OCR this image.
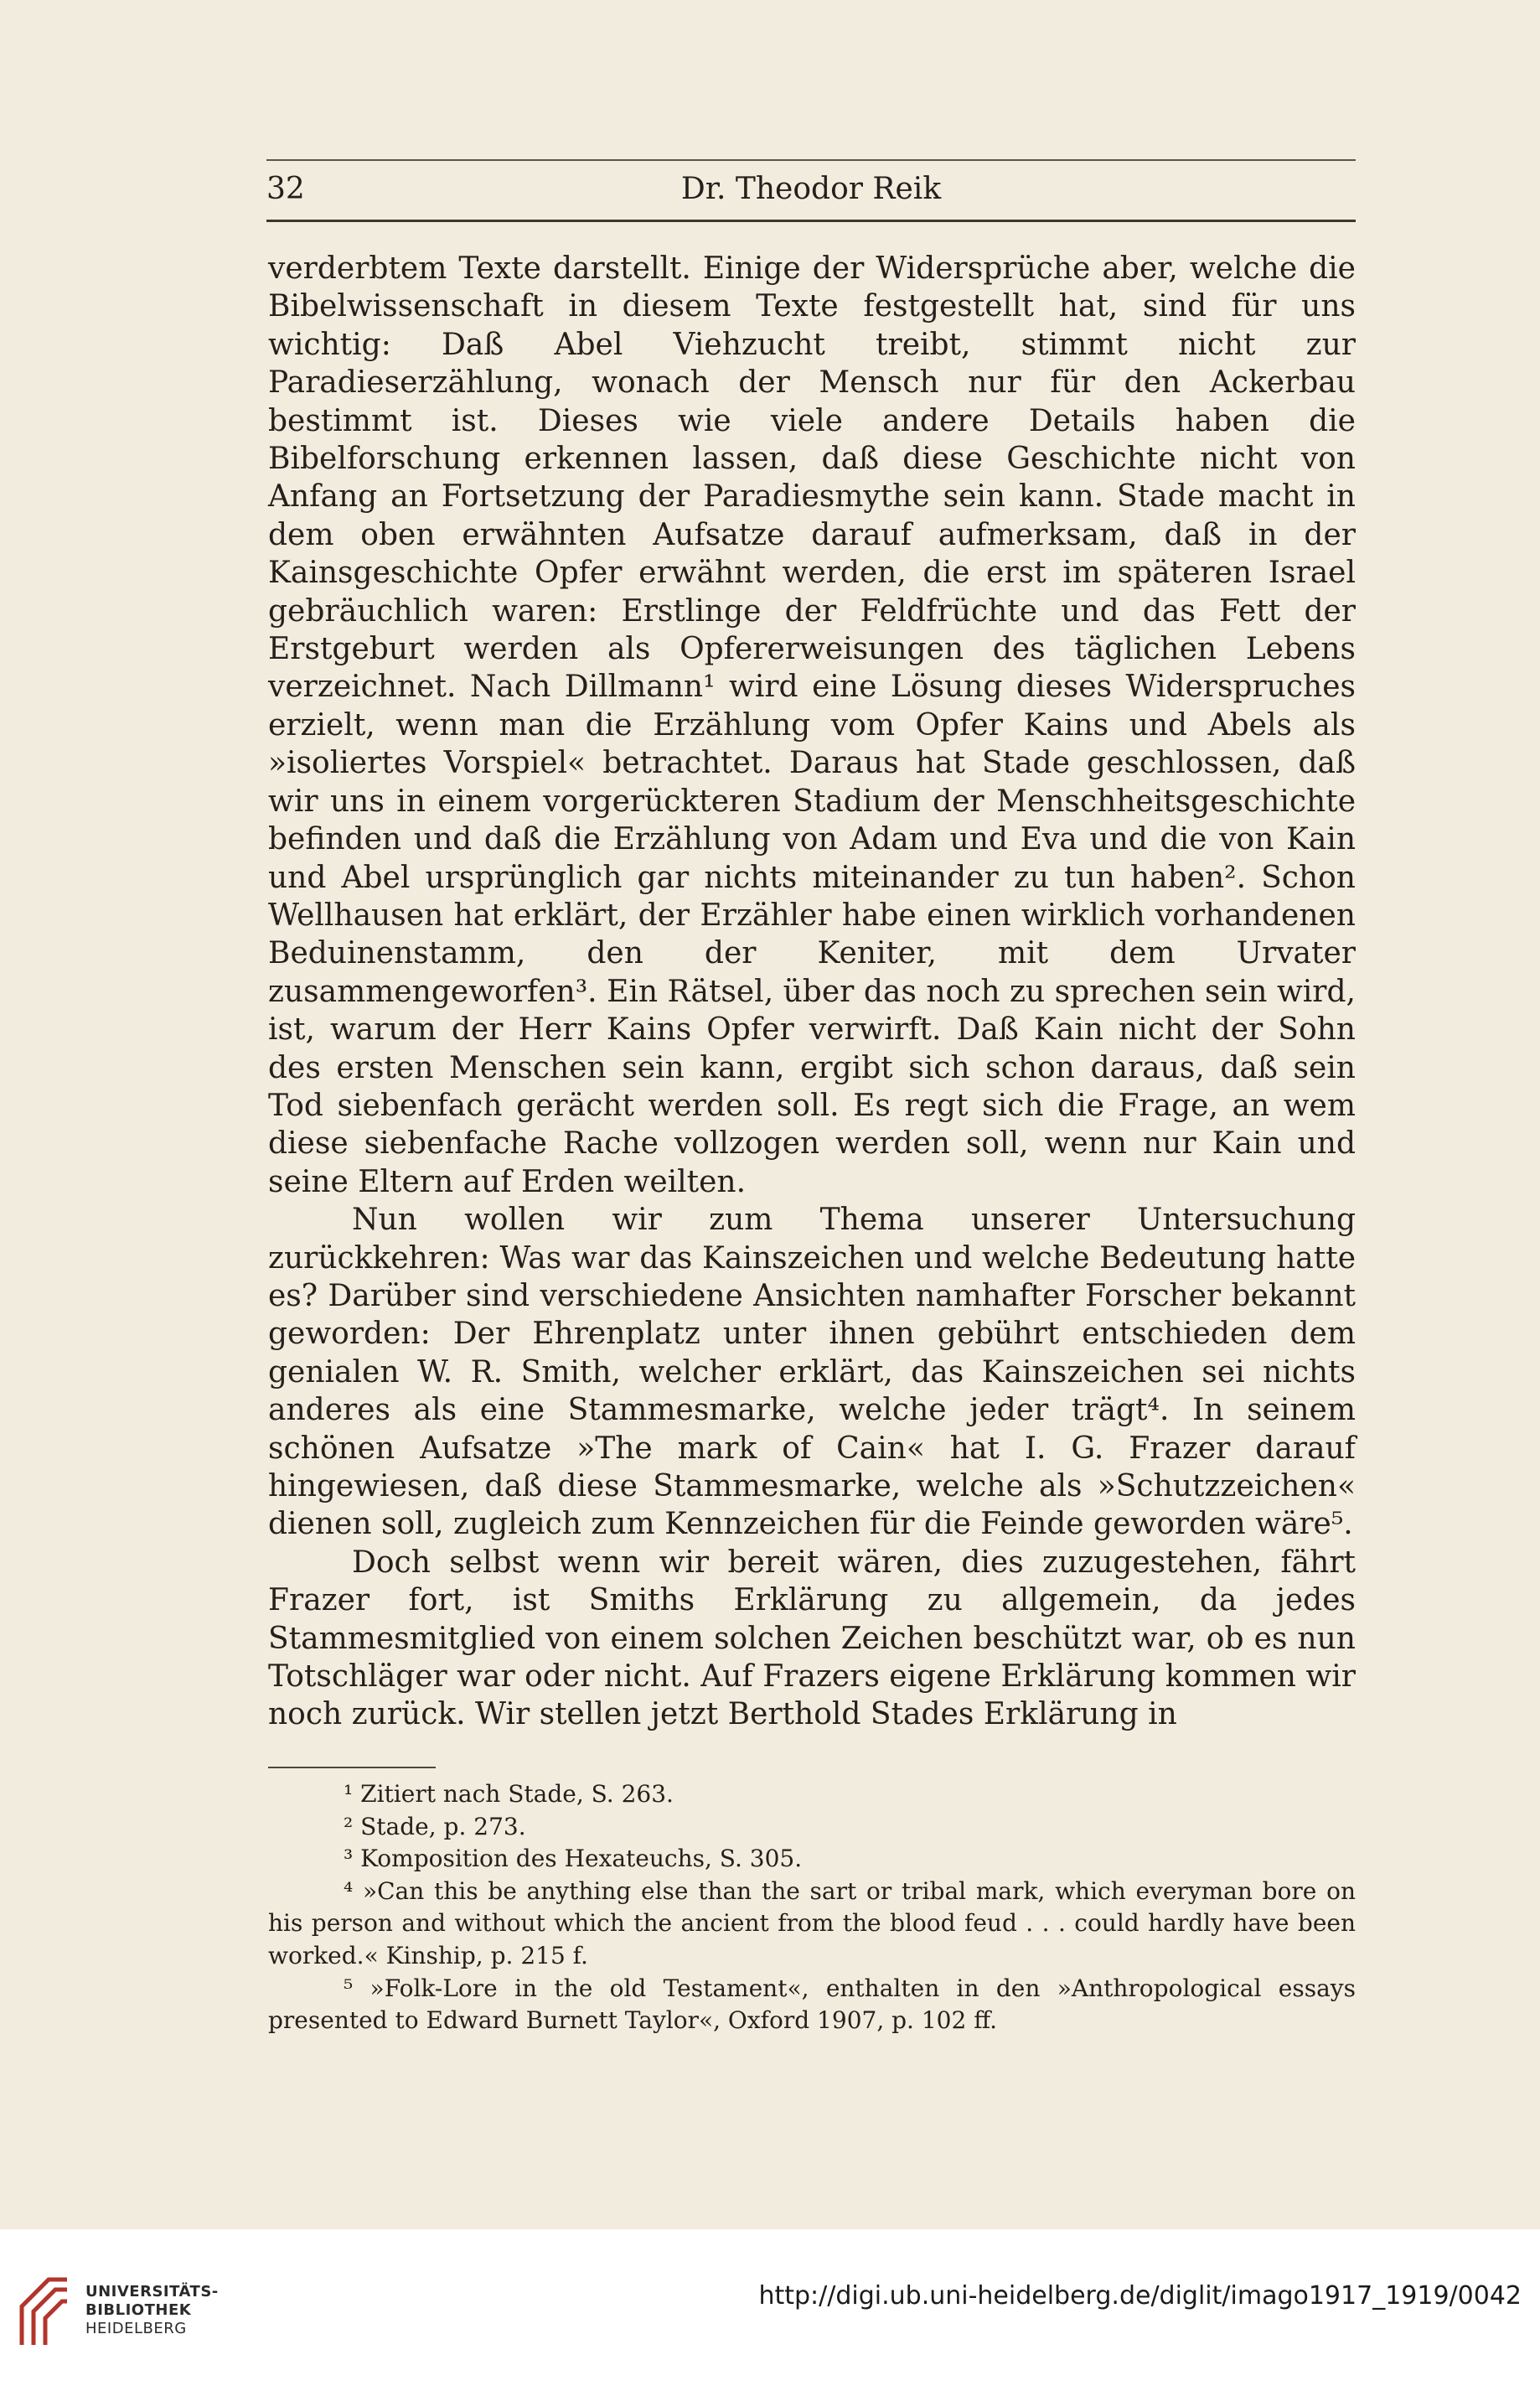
32	Dr. Theodor Reik

verderbtem Texte darstellt. Einige der Widersprüche aber, welche die Bibelwissenschaft in diesem Texte festgestellt hat, sind für uns wichtig: Daß Abel Viehzucht treibt, stimmt nicht zur Paradieserzählung, wonach der Mensch nur für den Ackerbau bestimmt ist. Dieses wie viele andere Details haben die Bibelforschung erkennen lassen, daß diese Geschichte nicht von Anfang an Fortsetzung der Paradiesmythe sein kann. Stade macht in dem oben erwähnten Aufsatze darauf aufmerksam, daß in der Kainsgeschichte Opfer erwähnt werden, die erst im späteren Israel gebräuchlich waren: Erstlinge der Feldfrüchte und das Fett der Erstgeburt werden als Opfererweisungen des täglichen Lebens verzeichnet. Nach Dillmann¹ wird eine Lösung dieses Widerspruches erzielt, wenn man die Erzählung vom Opfer Kains und Abels als »isoliertes Vorspiel« betrachtet. Daraus hat Stade geschlossen, daß wir uns in einem vorgerückteren Stadium der Menschheitsgeschichte befinden und daß die Erzählung von Adam und Eva und die von Kain und Abel ursprünglich gar nichts miteinander zu tun haben². Schon Wellhausen hat erklärt, der Erzähler habe einen wirklich vorhandenen Beduinenstamm, den der Keniter, mit dem Urvater zusammengeworfen³. Ein Rätsel, über das noch zu sprechen sein wird, ist, warum der Herr Kains Opfer verwirft. Daß Kain nicht der Sohn des ersten Menschen sein kann, ergibt sich schon daraus, daß sein Tod siebenfach gerächt werden soll. Es regt sich die Frage, an wem diese siebenfache Rache vollzogen werden soll, wenn nur Kain und seine Eltern auf Erden weilten.

Nun wollen wir zum Thema unserer Untersuchung zurückkehren: Was war das Kainszeichen und welche Bedeutung hatte es? Darüber sind verschiedene Ansichten namhafter Forscher bekannt geworden: Der Ehrenplatz unter ihnen gebührt entschieden dem genialen W. R. Smith, welcher erklärt, das Kainszeichen sei nichts anderes als eine Stammesmarke, welche jeder trägt⁴. In seinem schönen Aufsatze »The mark of Cain« hat I. G. Frazer darauf hingewiesen, daß diese Stammesmarke, welche als »Schutzzeichen« dienen soll, zugleich zum Kennzeichen für die Feinde geworden wäre⁵.

Doch selbst wenn wir bereit wären, dies zuzugestehen, fährt Frazer fort, ist Smiths Erklärung zu allgemein, da jedes Stammesmitglied von einem solchen Zeichen beschützt war, ob es nun Totschläger war oder nicht. Auf Frazers eigene Erklärung kommen wir noch zurück. Wir stellen jetzt Berthold Stades Erklärung in

¹ Zitiert nach Stade, S. 263.

² Stade, p. 273.

³ Komposition des Hexateuchs, S. 305.

⁴ »Can this be anything else than the sart or tribal mark, which everyman bore on his person and without which the ancient from the blood feud . . . could hardly have been worked.« Kinship, p. 215 f.

⁵ »Folk-Lore in the old Testament«, enthalten in den »Anthropological essays presented to Edward Burnett Taylor«, Oxford 1907, p. 102 ff.

UNIVERSITÄTS-
BIBLIOTHEK
HEIDELBERG
http://digi.ub.uni-heidelberg.de/diglit/imago1917_1919/0042
